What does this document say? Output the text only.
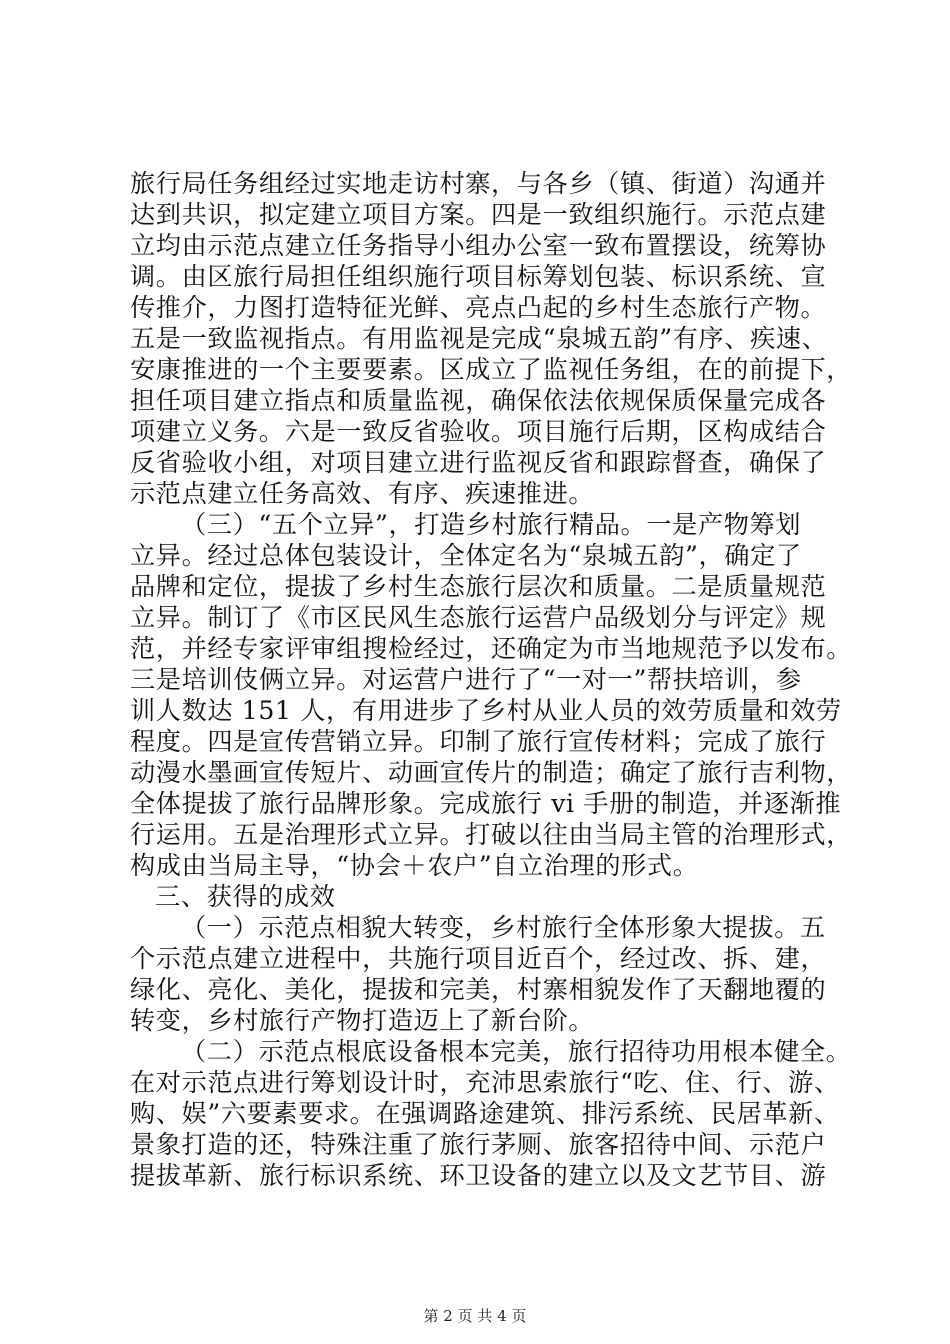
旅行局任务组经过实地走访村寨，与各乡（镇、街道）沟通并
达到共识，拟定建立项目方案。四是一致组织施行。示范点建
立均由示范点建立任务指导小组办公室一致布置摆设，统筹协
调。由区旅行局担任组织施行项目标筹划包装、标识系统、宣
传推介，力图打造特征光鲜、亮点凸起的乡村生态旅行产物。
五是一致监视指点。有用监视是完成“泉城五韵”有序、疾速、
安康推进的一个主要要素。区成立了监视任务组，在的前提下，
担任项目建立指点和质量监视，确保依法依规保质保量完成各
项建立义务。六是一致反省验收。项目施行后期，区构成结合
反省验收小组，对项目建立进行监视反省和跟踪督查，确保了
示范点建立任务高效、有序、疾速推进。
（三）“五个立异”，打造乡村旅行精品。一是产物筹划
立异。经过总体包装设计，全体定名为“泉城五韵”，确定了
品牌和定位，提拔了乡村生态旅行层次和质量。二是质量规范
立异。制订了《市区民风生态旅行运营户品级划分与评定》规
范，并经专家评审组搜检经过，还确定为市当地规范予以发布。
三是培训伎俩立异。对运营户进行了“一对一”帮扶培训，参
训人数达 151 人，有用进步了乡村从业人员的效劳质量和效劳
程度。四是宣传营销立异。印制了旅行宣传材料；完成了旅行
动漫水墨画宣传短片、动画宣传片的制造；确定了旅行吉利物，
全体提拔了旅行品牌形象。完成旅行 vi 手册的制造，并逐渐推
行运用。五是治理形式立异。打破以往由当局主管的治理形式，
构成由当局主导，“协会＋农户”自立治理的形式。
三、获得的成效
（一）示范点相貌大转变，乡村旅行全体形象大提拔。五
个示范点建立进程中，共施行项目近百个，经过改、拆、建，
绿化、亮化、美化，提拔和完美，村寨相貌发作了天翻地覆的
转变，乡村旅行产物打造迈上了新台阶。
（二）示范点根底设备根本完美，旅行招待功用根本健全。
在对示范点进行筹划设计时，充沛思索旅行“吃、住、行、游、
购、娱”六要素要求。在强调路途建筑、排污系统、民居革新、
景象打造的还，特殊注重了旅行茅厕、旅客招待中间、示范户
提拔革新、旅行标识系统、环卫设备的建立以及文艺节目、游
第 2 页 共 4 页
